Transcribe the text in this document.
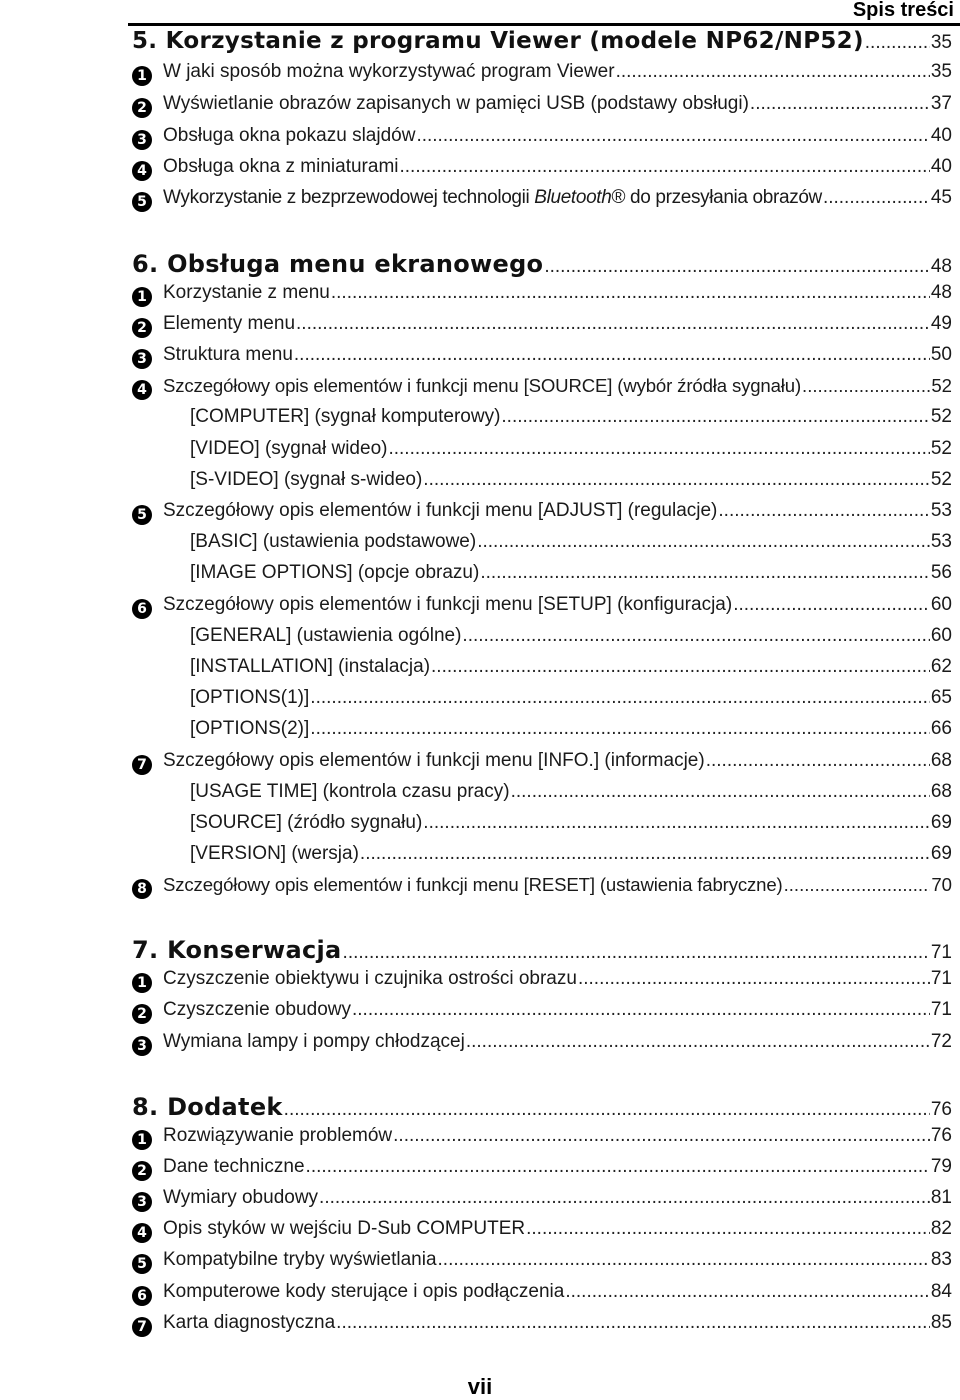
Spis treści
5. Korzystanie z programu Viewer (modele NP62/NP52) .....	35
1 W jaki sposób można wykorzystywać program Viewer .....	35
2 Wyświetlanie obrazów zapisanych w pamięci USB (podstawy obsługi) .....	37
3 Obsługa okna pokazu slajdów .....	40
4 Obsługa okna z miniaturami .....	40
5 Wykorzystanie z bezprzewodowej technologii Bluetooth® do przesyłania obrazów .....	45
6. Obsługa menu ekranowego .....	48
1 Korzystanie z menu .....	48
2 Elementy menu .....	49
3 Struktura menu .....	50
4 Szczegółowy opis elementów i funkcji menu [SOURCE] (wybór źródła sygnału) .....	52
[COMPUTER] (sygnał komputerowy) .....	52
[VIDEO] (sygnał wideo) .....	52
[S-VIDEO] (sygnał s-wideo) .....	52
5 Szczegółowy opis elementów i funkcji menu [ADJUST] (regulacje) .....	53
[BASIC] (ustawienia podstawowe) .....	53
[IMAGE OPTIONS] (opcje obrazu) .....	56
6 Szczegółowy opis elementów i funkcji menu [SETUP] (konfiguracja) .....	60
[GENERAL] (ustawienia ogólne) .....	60
[INSTALLATION] (instalacja) .....	62
[OPTIONS(1)] .....	65
[OPTIONS(2)] .....	66
7 Szczegółowy opis elementów i funkcji menu [INFO.] (informacje) .....	68
[USAGE TIME] (kontrola czasu pracy) .....	68
[SOURCE] (źródło sygnału) .....	69
[VERSION] (wersja) .....	69
8 Szczegółowy opis elementów i funkcji menu [RESET] (ustawienia fabryczne) .....	70
7. Konserwacja .....	71
1 Czyszczenie obiektywu i czujnika ostrości obrazu .....	71
2 Czyszczenie obudowy .....	71
3 Wymiana lampy i pompy chłodzącej .....	72
8. Dodatek .....	76
1 Rozwiązywanie problemów .....	76
2 Dane techniczne .....	79
3 Wymiary obudowy .....	81
4 Opis styków w wejściu D-Sub COMPUTER .....	82
5 Kompatybilne tryby wyświetlania .....	83
6 Komputerowe kody sterujące i opis podłączenia .....	84
7 Karta diagnostyczna .....	85
vii
